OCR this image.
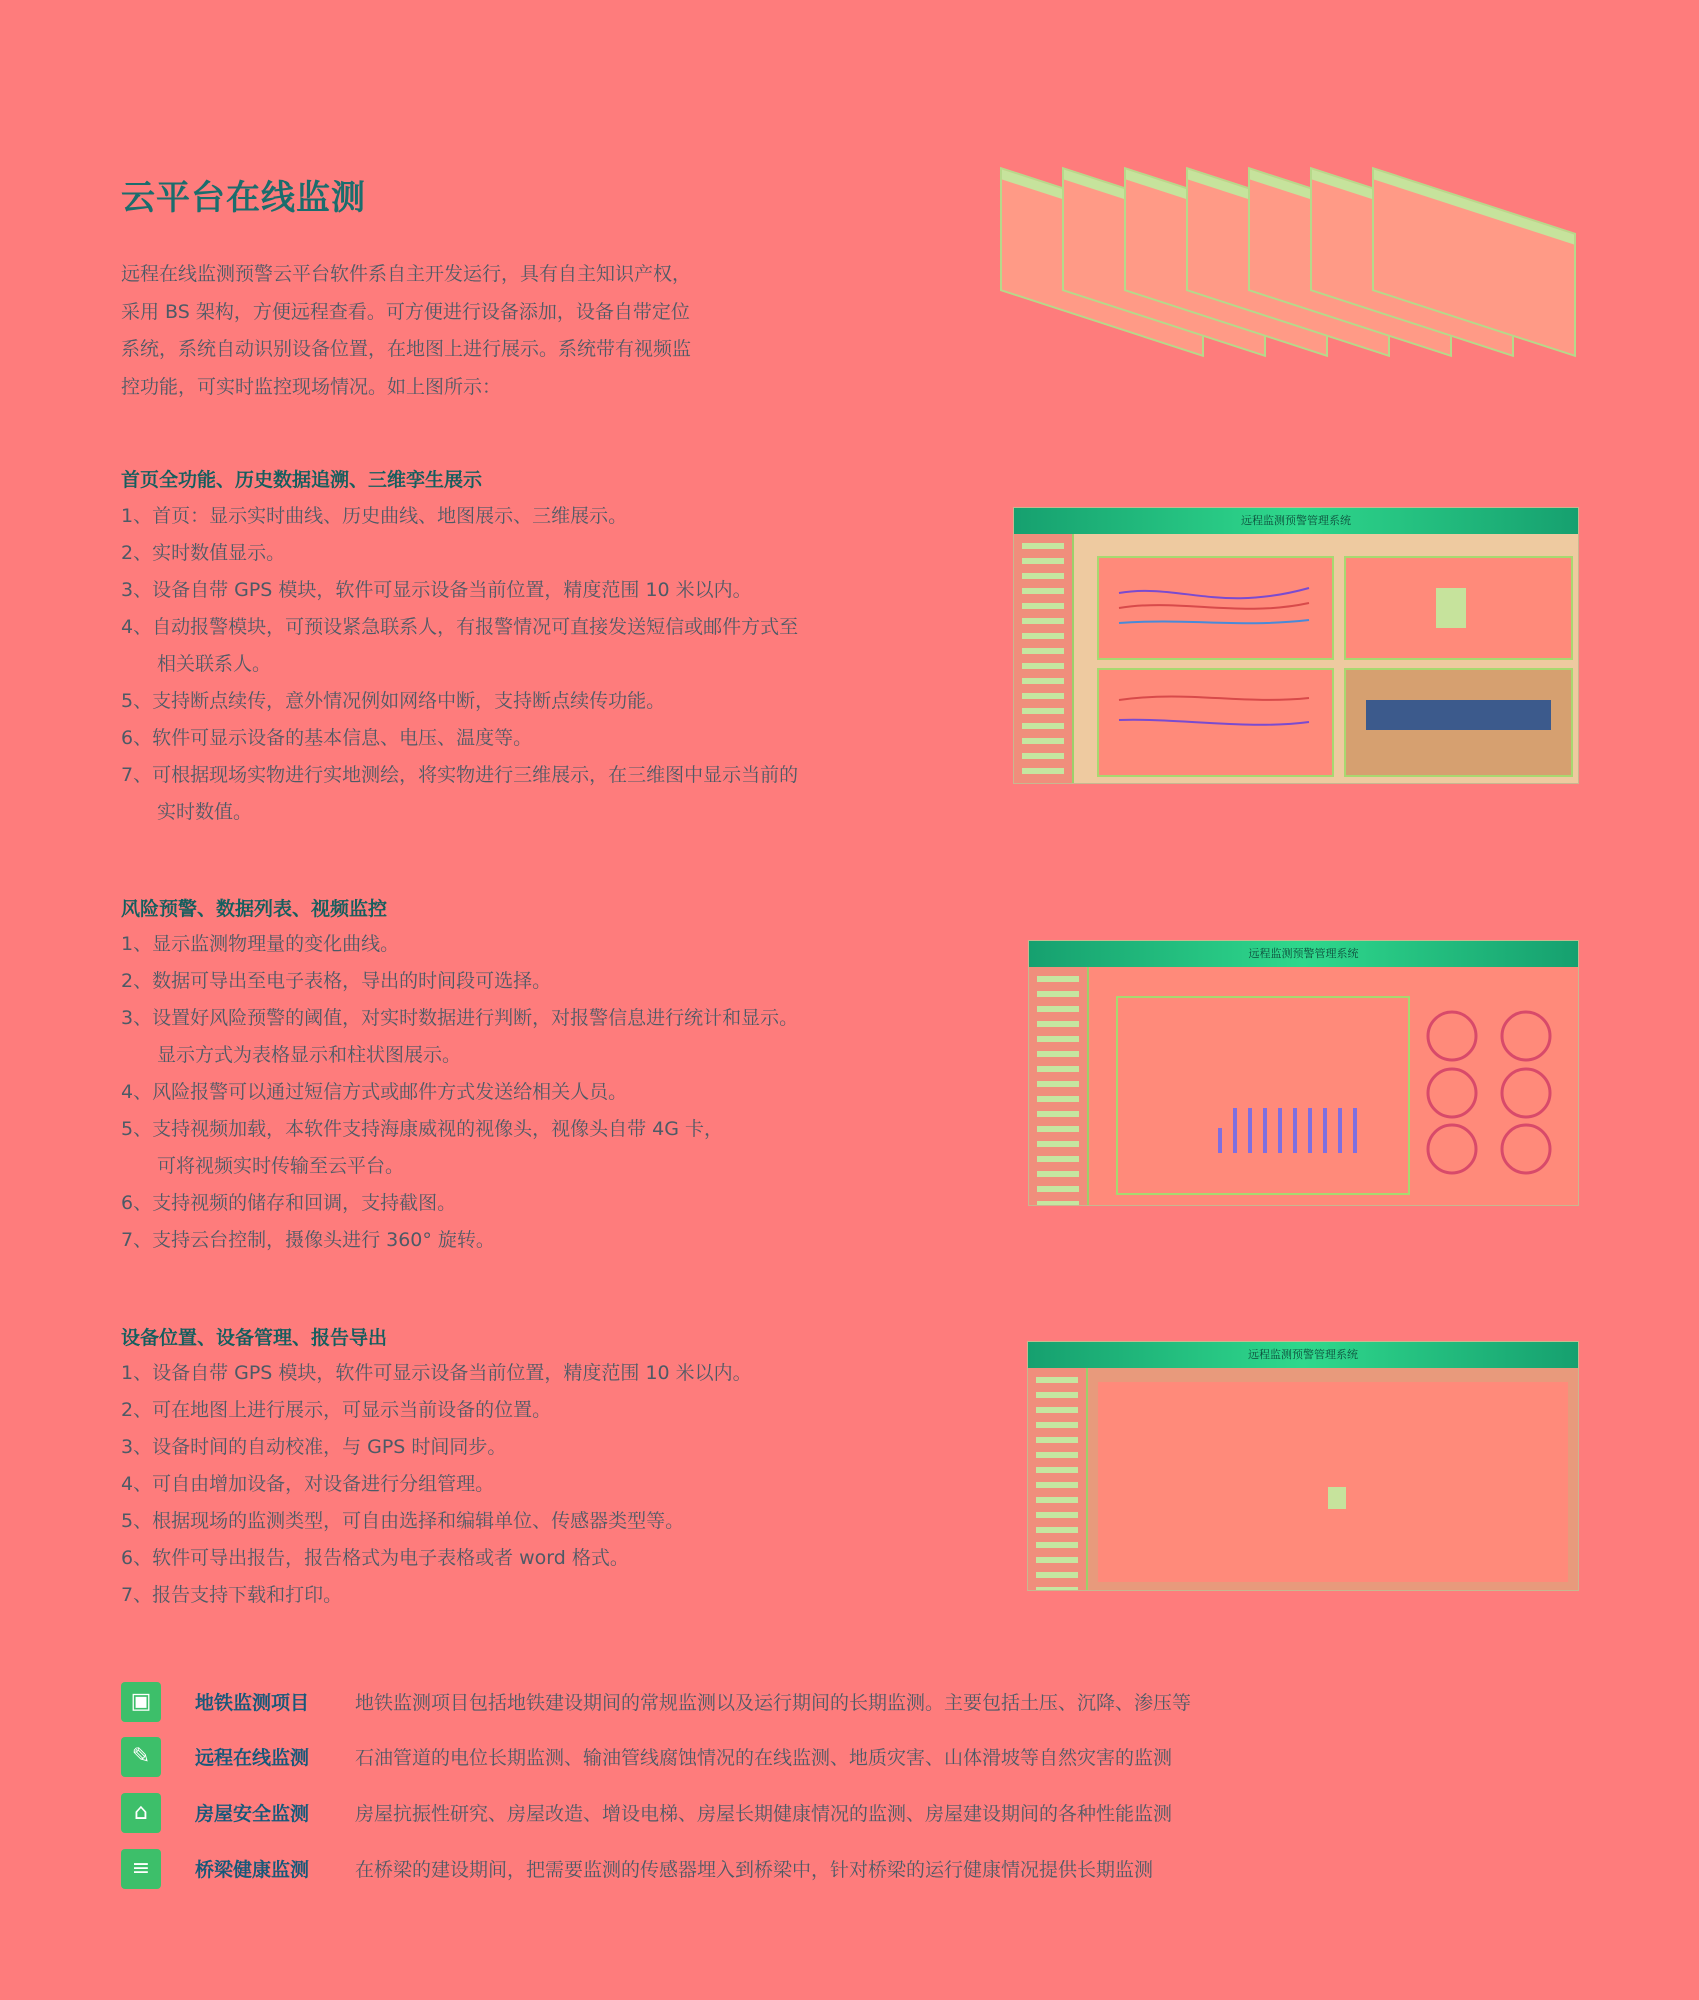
云平台在线监测
远程在线监测预警云平台软件系自主开发运行，具有自主知识产权，
采用 BS 架构，方便远程查看。可方便进行设备添加，设备自带定位
系统，系统自动识别设备位置，在地图上进行展示。系统带有视频监
控功能，可实时监控现场情况。如上图所示：
首页全功能、历史数据追溯、三维孪生展示
1、首页：显示实时曲线、历史曲线、地图展示、三维展示。
2、实时数值显示。
3、设备自带 GPS 模块，软件可显示设备当前位置，精度范围 10 米以内。
4、自动报警模块，可预设紧急联系人，有报警情况可直接发送短信或邮件方式至
相关联系人。
5、支持断点续传，意外情况例如网络中断，支持断点续传功能。
6、软件可显示设备的基本信息、电压、温度等。
7、可根据现场实物进行实地测绘，将实物进行三维展示，在三维图中显示当前的
实时数值。
远程监测预警管理系统
风险预警、数据列表、视频监控
1、显示监测物理量的变化曲线。
2、数据可导出至电子表格，导出的时间段可选择。
3、设置好风险预警的阈值，对实时数据进行判断，对报警信息进行统计和显示。
显示方式为表格显示和柱状图展示。
4、风险报警可以通过短信方式或邮件方式发送给相关人员。
5、支持视频加载，本软件支持海康威视的视像头，视像头自带 4G 卡，
可将视频实时传输至云平台。
6、支持视频的储存和回调，支持截图。
7、支持云台控制，摄像头进行 360° 旋转。
远程监测预警管理系统
设备位置、设备管理、报告导出
1、设备自带 GPS 模块，软件可显示设备当前位置，精度范围 10 米以内。
2、可在地图上进行展示，可显示当前设备的位置。
3、设备时间的自动校准，与 GPS 时间同步。
4、可自由增加设备，对设备进行分组管理。
5、根据现场的监测类型，可自由选择和编辑单位、传感器类型等。
6、软件可导出报告，报告格式为电子表格或者 word 格式。
7、报告支持下载和打印。
远程监测预警管理系统
▣	地铁监测项目 地铁监测项目包括地铁建设期间的常规监测以及运行期间的长期监测。主要包括土压、沉降、渗压等
✎	远程在线监测 石油管道的电位长期监测、输油管线腐蚀情况的在线监测、地质灾害、山体滑坡等自然灾害的监测
⌂	房屋安全监测 房屋抗振性研究、房屋改造、增设电梯、房屋长期健康情况的监测、房屋建设期间的各种性能监测
≡	桥梁健康监测 在桥梁的建设期间，把需要监测的传感器埋入到桥梁中，针对桥梁的运行健康情况提供长期监测
